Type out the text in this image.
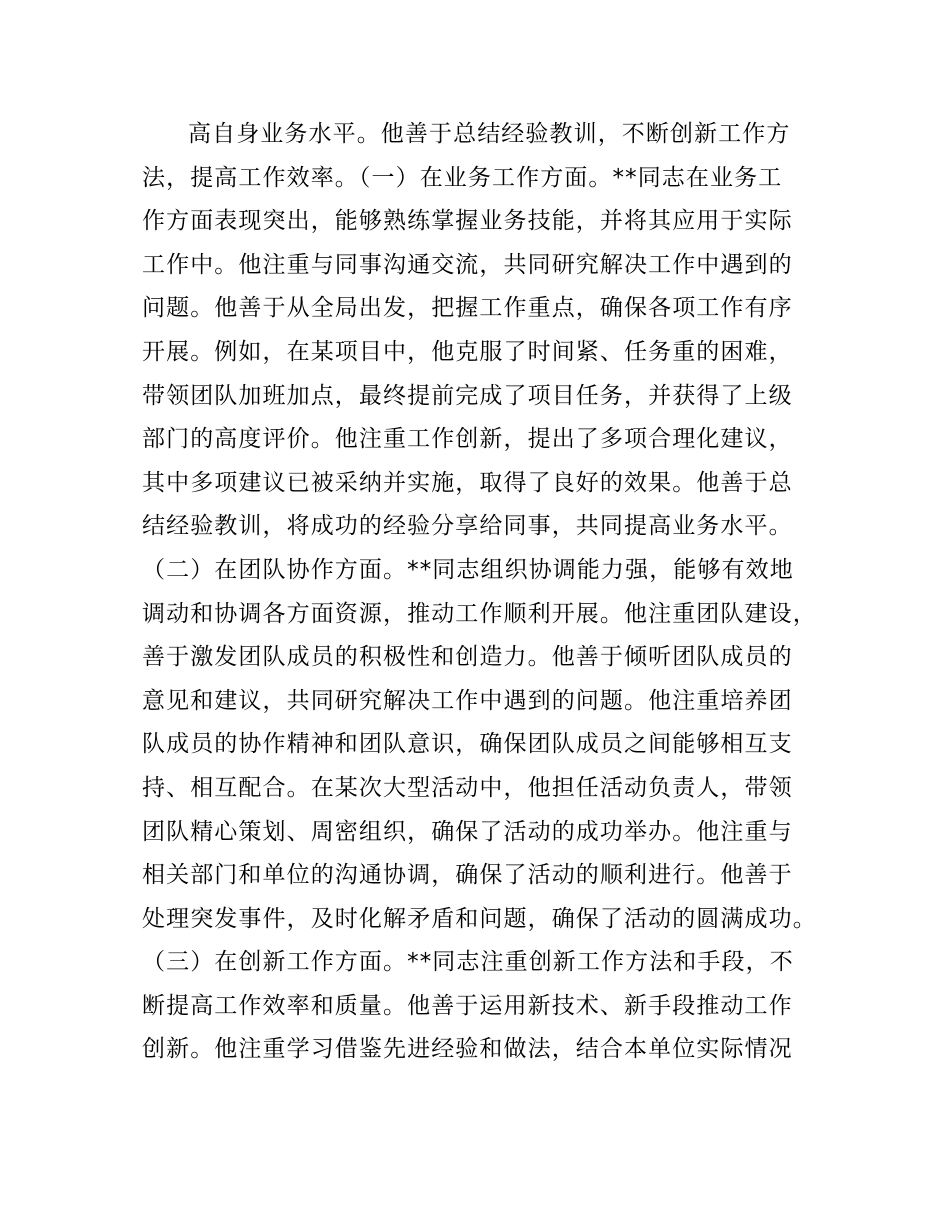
高自身业务水平。他善于总结经验教训，不断创新工作方
法，提高工作效率。（一）在业务工作方面。**同志在业务工
作方面表现突出，能够熟练掌握业务技能，并将其应用于实际
工作中。他注重与同事沟通交流，共同研究解决工作中遇到的
问题。他善于从全局出发，把握工作重点，确保各项工作有序
开展。例如，在某项目中，他克服了时间紧、任务重的困难，
带领团队加班加点，最终提前完成了项目任务，并获得了上级
部门的高度评价。他注重工作创新，提出了多项合理化建议，
其中多项建议已被采纳并实施，取得了良好的效果。他善于总
结经验教训，将成功的经验分享给同事，共同提高业务水平。
（二）在团队协作方面。**同志组织协调能力强，能够有效地
调动和协调各方面资源，推动工作顺利开展。他注重团队建设，
善于激发团队成员的积极性和创造力。他善于倾听团队成员的
意见和建议，共同研究解决工作中遇到的问题。他注重培养团
队成员的协作精神和团队意识，确保团队成员之间能够相互支
持、相互配合。在某次大型活动中，他担任活动负责人，带领
团队精心策划、周密组织，确保了活动的成功举办。他注重与
相关部门和单位的沟通协调，确保了活动的顺利进行。他善于
处理突发事件，及时化解矛盾和问题，确保了活动的圆满成功。
（三）在创新工作方面。**同志注重创新工作方法和手段，不
断提高工作效率和质量。他善于运用新技术、新手段推动工作
创新。他注重学习借鉴先进经验和做法，结合本单位实际情况
